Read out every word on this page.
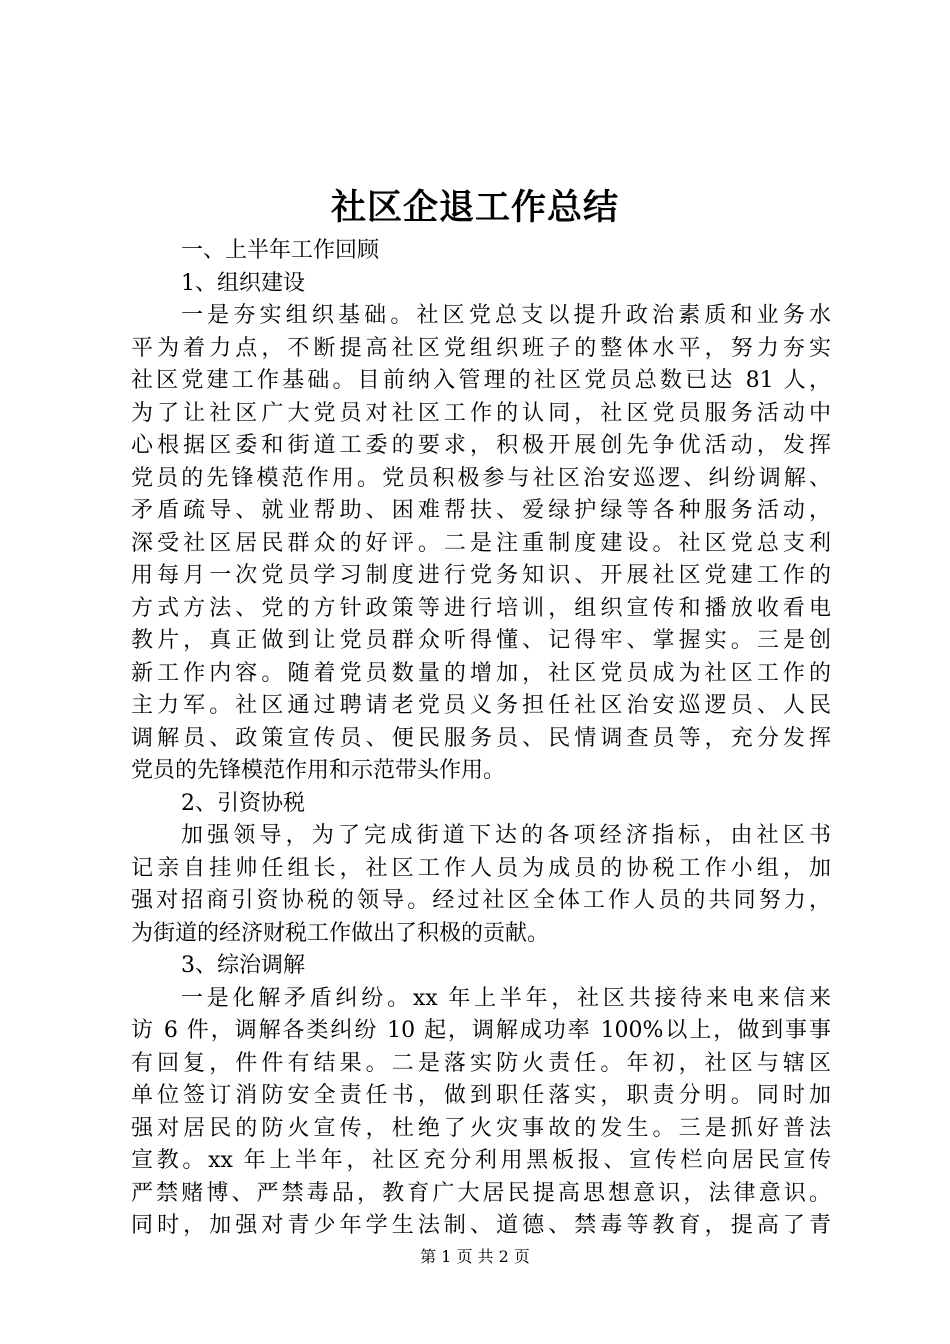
社区企退工作总结
一、上半年工作回顾
1、组织建设
一是夯实组织基础。社区党总支以提升政治素质和业务水
平为着力点，不断提高社区党组织班子的整体水平，努力夯实
社区党建工作基础。目前纳入管理的社区党员总数已达 81 人，
为了让社区广大党员对社区工作的认同，社区党员服务活动中
心根据区委和街道工委的要求，积极开展创先争优活动，发挥
党员的先锋模范作用。党员积极参与社区治安巡逻、纠纷调解、
矛盾疏导、就业帮助、困难帮扶、爱绿护绿等各种服务活动，
深受社区居民群众的好评。二是注重制度建设。社区党总支利
用每月一次党员学习制度进行党务知识、开展社区党建工作的
方式方法、党的方针政策等进行培训，组织宣传和播放收看电
教片，真正做到让党员群众听得懂、记得牢、掌握实。三是创
新工作内容。随着党员数量的增加，社区党员成为社区工作的
主力军。社区通过聘请老党员义务担任社区治安巡逻员、人民
调解员、政策宣传员、便民服务员、民情调查员等，充分发挥
党员的先锋模范作用和示范带头作用。
2、引资协税
加强领导，为了完成街道下达的各项经济指标，由社区书
记亲自挂帅任组长，社区工作人员为成员的协税工作小组，加
强对招商引资协税的领导。经过社区全体工作人员的共同努力，
为街道的经济财税工作做出了积极的贡献。
3、综治调解
一是化解矛盾纠纷。xx 年上半年，社区共接待来电来信来
访 6 件，调解各类纠纷 10 起，调解成功率 100%以上，做到事事
有回复，件件有结果。二是落实防火责任。年初，社区与辖区
单位签订消防安全责任书，做到职任落实，职责分明。同时加
强对居民的防火宣传，杜绝了火灾事故的发生。三是抓好普法
宣教。xx 年上半年，社区充分利用黑板报、宣传栏向居民宣传
严禁赌博、严禁毒品，教育广大居民提高思想意识，法律意识。
同时，加强对青少年学生法制、道德、禁毒等教育，提高了青
第 1 页 共 2 页
